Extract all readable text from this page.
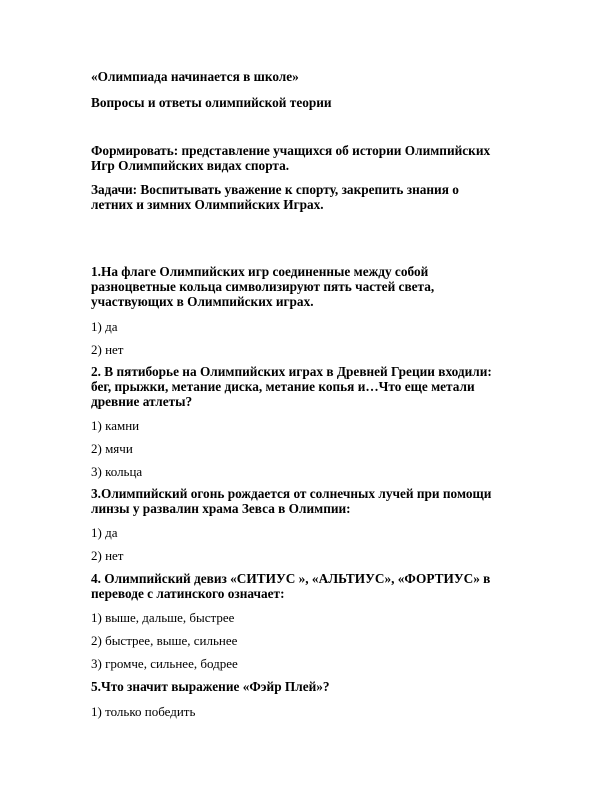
«Олимпиада начинается в школе»

Вопросы и ответы олимпийской теории

Формировать: представление учащихся об истории Олимпийских

Игр Олимпийских видах спорта.

Задачи: Воспитывать уважение к спорту, закрепить знания о

летних и зимних Олимпийских Играх.

1.На флаге Олимпийских игр соединенные между собой

разноцветные кольца символизируют пять частей света,

участвующих в Олимпийских играх.

1) да

2) нет

2. В пятиборье на Олимпийских играх в Древней Греции входили:

бег, прыжки, метание диска, метание копья и…Что еще метали

древние атлеты?

1) камни

2) мячи

3) кольца

3.Олимпийский огонь рождается от солнечных лучей при помощи

линзы у развалин храма Зевса в Олимпии:

1) да

2) нет

4. Олимпийский девиз «СИТИУС », «АЛЬТИУС», «ФОРТИУС» в

переводе с латинского означает:

1) выше, дальше, быстрее

2) быстрее, выше, сильнее

3) громче, сильнее, бодрее

5.Что значит выражение «Фэйр Плей»?

1) только победить
